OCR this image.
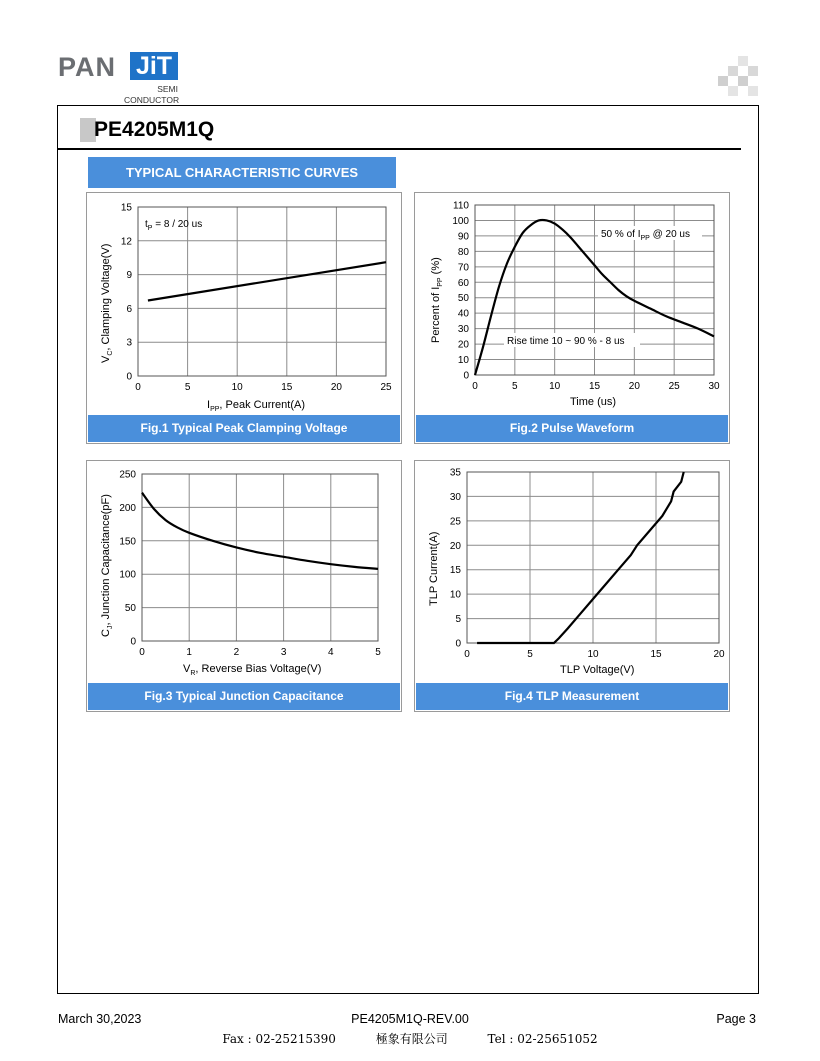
PAN JiT
SEMI
CONDUCTOR
PE4205M1Q
TYPICAL CHARACTERISTIC CURVES
0	5	10	15	20	25
0
3
6
9
12
15
$V_C$, Clamping Voltage(V)
$I_{PP}$, Peak Current(A)
$t_P = 8 / 20$ us
Fig.1 Typical Peak Clamping Voltage
0	5	10	15	20	25	30
0
10
20
30
40
50
60
70
80
90
100
110
Percent of $I_{PP}$ (%)
Time (us)
50 % of $I_{PP}$ @ 20 us
Rise time 10 ~ 90 % - 8 us
Fig.2 Pulse Waveform
0	1	2	3	4	5
0
50
100
150
200
250
$C_J$, Junction Capacitance(pF)
$V_R$, Reverse Bias Voltage(V)
Fig.3 Typical Junction Capacitance
0	5	10	15	20
0
5
10
15
20
25
30
35
TLP Current(A)
TLP Voltage(V)
Fig.4 TLP Measurement
March 30,2023	PE4205M1Q-REV.00	Page 3
Fax : 02-25215390	極象有限公司	Tel : 02-25651052
